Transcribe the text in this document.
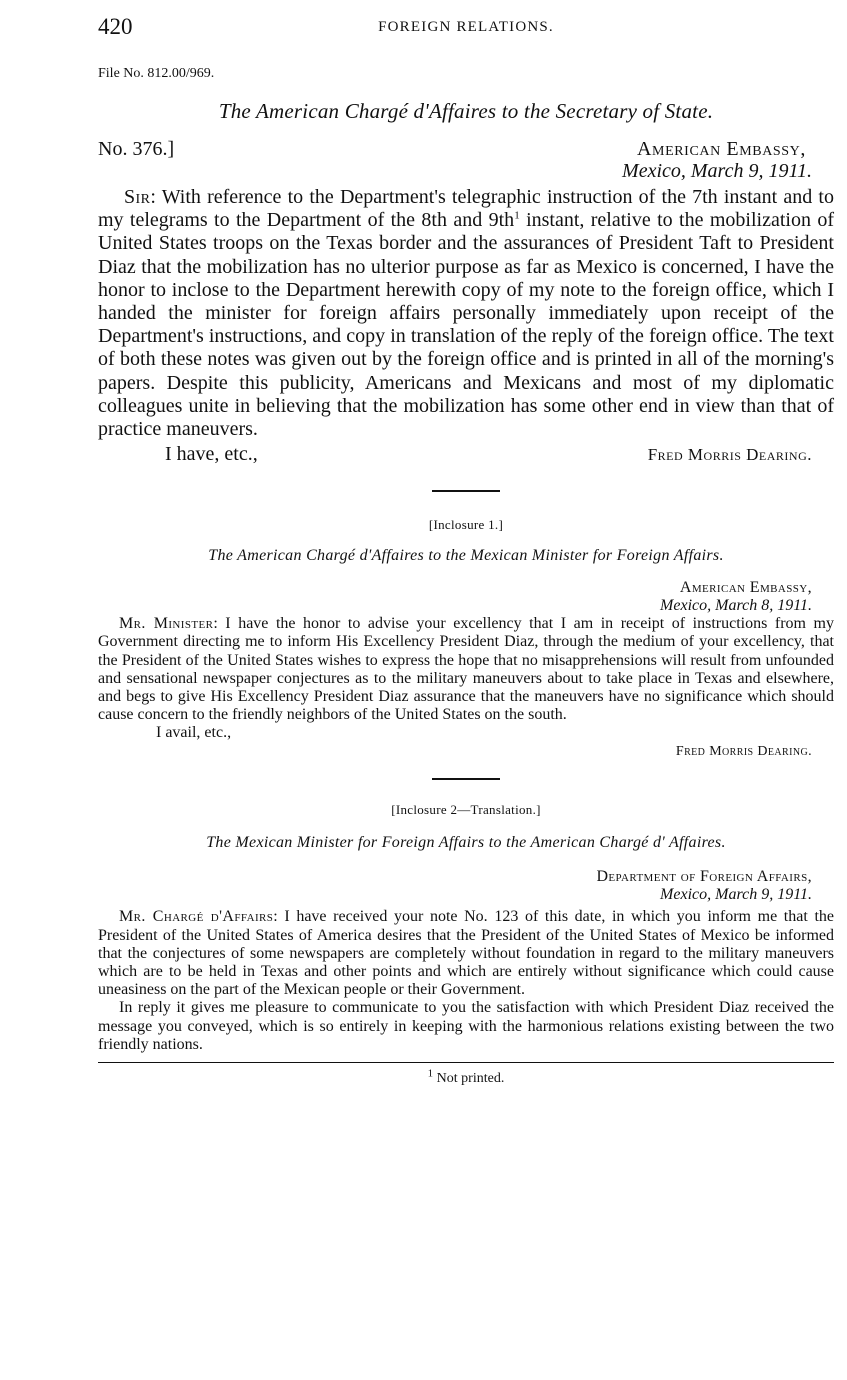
420	FOREIGN RELATIONS.
File No. 812.00/969.
The American Chargé d'Affaires to the Secretary of State.
No. 376.]	American Embassy,
Mexico, March 9, 1911.

Sir: With reference to the Department's telegraphic instruction of the 7th instant and to my telegrams to the Department of the 8th and $9th^1$ instant, relative to the mobilization of United States troops on the Texas border and the assurances of President Taft to President Diaz that the mobilization has no ulterior purpose as far as Mexico is concerned, I have the honor to inclose to the Department herewith copy of my note to the foreign office, which I handed the minister for foreign affairs personally immediately upon receipt of the Department's instructions, and copy in translation of the reply of the foreign office. The text of both these notes was given out by the foreign office and is printed in all of the morning's papers. Despite this publicity, Americans and Mexicans and most of my diplomatic colleagues unite in believing that the mobilization has some other end in view than that of practice maneuvers.

I have, etc.,	Fred Morris Dearing.
[Inclosure 1.]
The American Chargé d'Affaires to the Mexican Minister for Foreign Affairs.
American Embassy,
Mexico, March 8, 1911.

Mr. Minister: I have the honor to advise your excellency that I am in receipt of instructions from my Government directing me to inform His Excellency President Diaz, through the medium of your excellency, that the President of the United States wishes to express the hope that no misapprehensions will result from unfounded and sensational newspaper conjectures as to the military maneuvers about to take place in Texas and elsewhere, and begs to give His Excellency President Diaz assurance that the maneuvers have no significance which should cause concern to the friendly neighbors of the United States on the south.

I avail, etc.,
Fred Morris Dearing.
[Inclosure 2—Translation.]
The Mexican Minister for Foreign Affairs to the American Chargé d' Affaires.
Department of Foreign Affairs,
Mexico, March 9, 1911.

Mr. Chargé d'Affairs: I have received your note No. 123 of this date, in which you inform me that the President of the United States of America desires that the President of the United States of Mexico be informed that the conjectures of some newspapers are completely without foundation in regard to the military maneuvers which are to be held in Texas and other points and which are entirely without significance which could cause uneasiness on the part of the Mexican people or their Government.

In reply it gives me pleasure to communicate to you the satisfaction with which President Diaz received the message you conveyed, which is so entirely in keeping with the harmonious relations existing between the two friendly nations.

$^1$ Not printed.
